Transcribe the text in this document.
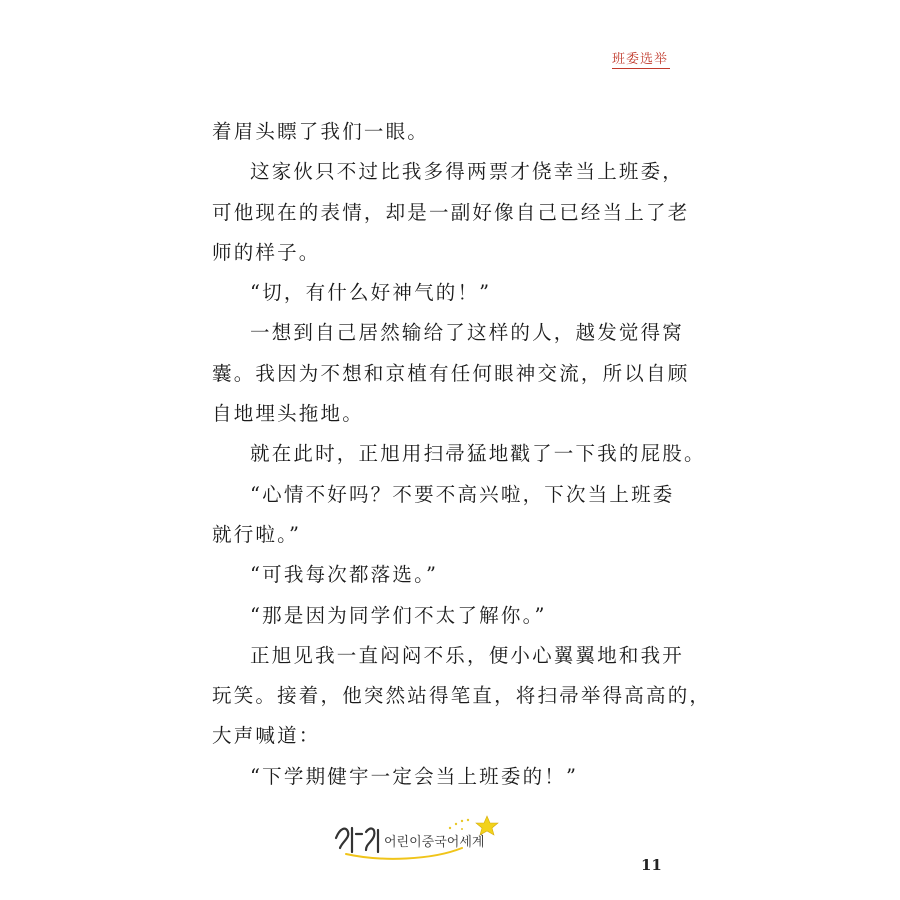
班委选举
着眉头瞟了我们一眼。
这家伙只不过比我多得两票才侥幸当上班委，
可他现在的表情，却是一副好像自己已经当上了老
师的样子。
“切，有什么好神气的！”
一想到自己居然输给了这样的人，越发觉得窝
囊。我因为不想和京植有任何眼神交流，所以自顾
自地埋头拖地。
就在此时，正旭用扫帚猛地戳了一下我的屁股。
“心情不好吗？不要不高兴啦，下次当上班委
就行啦。”
“可我每次都落选。”
“那是因为同学们不太了解你。”
正旭见我一直闷闷不乐，便小心翼翼地和我开
玩笑。接着，他突然站得笔直，将扫帚举得高高的，
大声喊道：
“下学期健宇一定会当上班委的！”
어린이중국어세계
11
